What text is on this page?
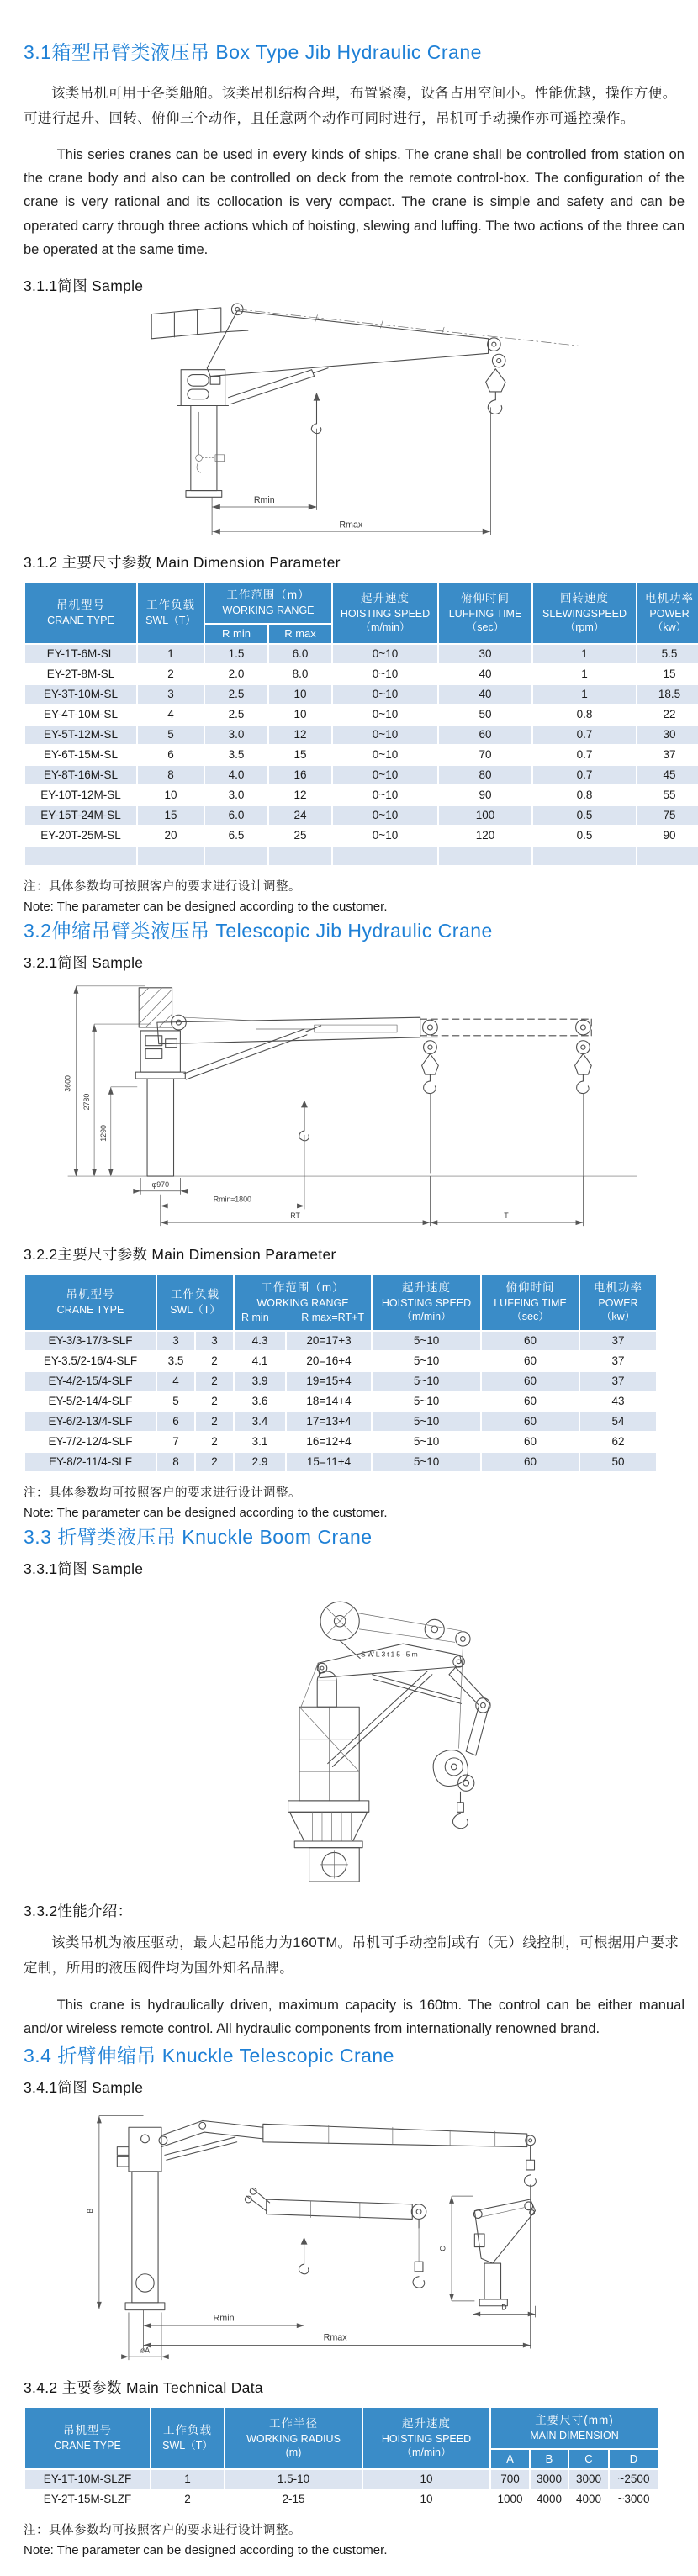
3.1箱型吊臂类液压吊 Box Type Jib Hydraulic Crane

该类吊机可用于各类船舶。该类吊机结构合理，布置紧凑，设备占用空间小。性能优越，操作方便。可进行起升、回转、俯仰三个动作，且任意两个动作可同时进行，吊机可手动操作亦可遥控操作。

This series cranes can be used in every kinds of ships. The crane shall be controlled from station on the crane body and also can be controlled on deck from the remote control-box. The configuration of the crane is very rational and its collocation is very compact. The crane is simple and safety and can be operated carry through three actions which of hoisting, slewing and luffing. The two actions of the three can be operated at the same time.

3.1.1简图 Sample
Rmin
Rmax
3.1.2 主要尺寸参数 Main Dimension Parameter
吊机型号
CRANE TYPE

工作负载
SWL（T）

工作范围（m）
WORKING RANGE

起升速度
HOISTING SPEED
（m/min）

俯仰时间
LUFFING TIME
（sec）

回转速度
SLEWINGSPEED
（rpm）

电机功率
POWER
（kw）

		R min	R max				
EY-1T-6M-SL	1	1.5	6.0	0~10	30	1	5.5
EY-2T-8M-SL	2	2.0	8.0	0~10	40	1	15
EY-3T-10M-SL	3	2.5	10	0~10	40	1	18.5
EY-4T-10M-SL	4	2.5	10	0~10	50	0.8	22
EY-5T-12M-SL	5	3.0	12	0~10	60	0.7	30
EY-6T-15M-SL	6	3.5	15	0~10	70	0.7	37
EY-8T-16M-SL	8	4.0	16	0~10	80	0.7	45
EY-10T-12M-SL	10	3.0	12	0~10	90	0.8	55
EY-15T-24M-SL	15	6.0	24	0~10	100	0.5	75
EY-20T-25M-SL	20	6.5	25	0~10	120	0.5	90

注：具体参数均可按照客户的要求进行设计调整。
Note: The parameter can be designed according to the customer.
3.2伸缩吊臂类液压吊 Telescopic Jib Hydraulic Crane
3.2.1简图 Sample
3600
2780
1290
φ970
Rmin≈1800
RT	T
3.2.2主要尺寸参数 Main Dimension Parameter
吊机型号
CRANE TYPE

工作负载
SWL（T）

工作范围（m）
WORKING RANGE
R min	R max=RT+T

起升速度
HOISTING SPEED
（m/min）

俯仰时间
LUFFING TIME
（sec）

电机功率
POWER
（kw）

EY-3/3-17/3-SLF	3	3	4.3	20=17+3	5~10	60	37
EY-3.5/2-16/4-SLF	3.5	2	4.1	20=16+4	5~10	60	37
EY-4/2-15/4-SLF	4	2	3.9	19=15+4	5~10	60	37
EY-5/2-14/4-SLF	5	2	3.6	18=14+4	5~10	60	43
EY-6/2-13/4-SLF	6	2	3.4	17=13+4	5~10	60	54
EY-7/2-12/4-SLF	7	2	3.1	16=12+4	5~10	60	62
EY-8/2-11/4-SLF	8	2	2.9	15=11+4	5~10	60	50
注：具体参数均可按照客户的要求进行设计调整。
Note: The parameter can be designed according to the customer.
3.3 折臂类液压吊 Knuckle Boom Crane
3.3.1简图 Sample
SWL3t15-5m
3.3.2性能介绍：

该类吊机为液压驱动，最大起吊能力为160TM。吊机可手动控制或有（无）线控制，可根据用户要求定制，所用的液压阀件均为国外知名品牌。

This crane is hydraulically driven, maximum capacity is 160tm. The control can be either manual and/or wireless remote control. All hydraulic components from internationally renowned brand.

3.4 折臂伸缩吊 Knuckle Telescopic Crane
3.4.1简图 Sample
B
C
D
Rmin
Rmax
øA
3.4.2 主要参数 Main Technical Data
吊机型号
CRANE TYPE

工作负载
SWL（T）

工作半径
WORKING RADIUS
(m)

起升速度
HOISTING SPEED
（m/min）

主要尺寸(mm)
MAIN DIMENSION

				A	B	C	D
EY-1T-10M-SLZF	1	1.5-10	10	700	3000	3000	~2500
EY-2T-15M-SLZF	2	2-15	10	1000	4000	4000	~3000
注：具体参数均可按照客户的要求进行设计调整。
Note: The parameter can be designed according to the customer.
